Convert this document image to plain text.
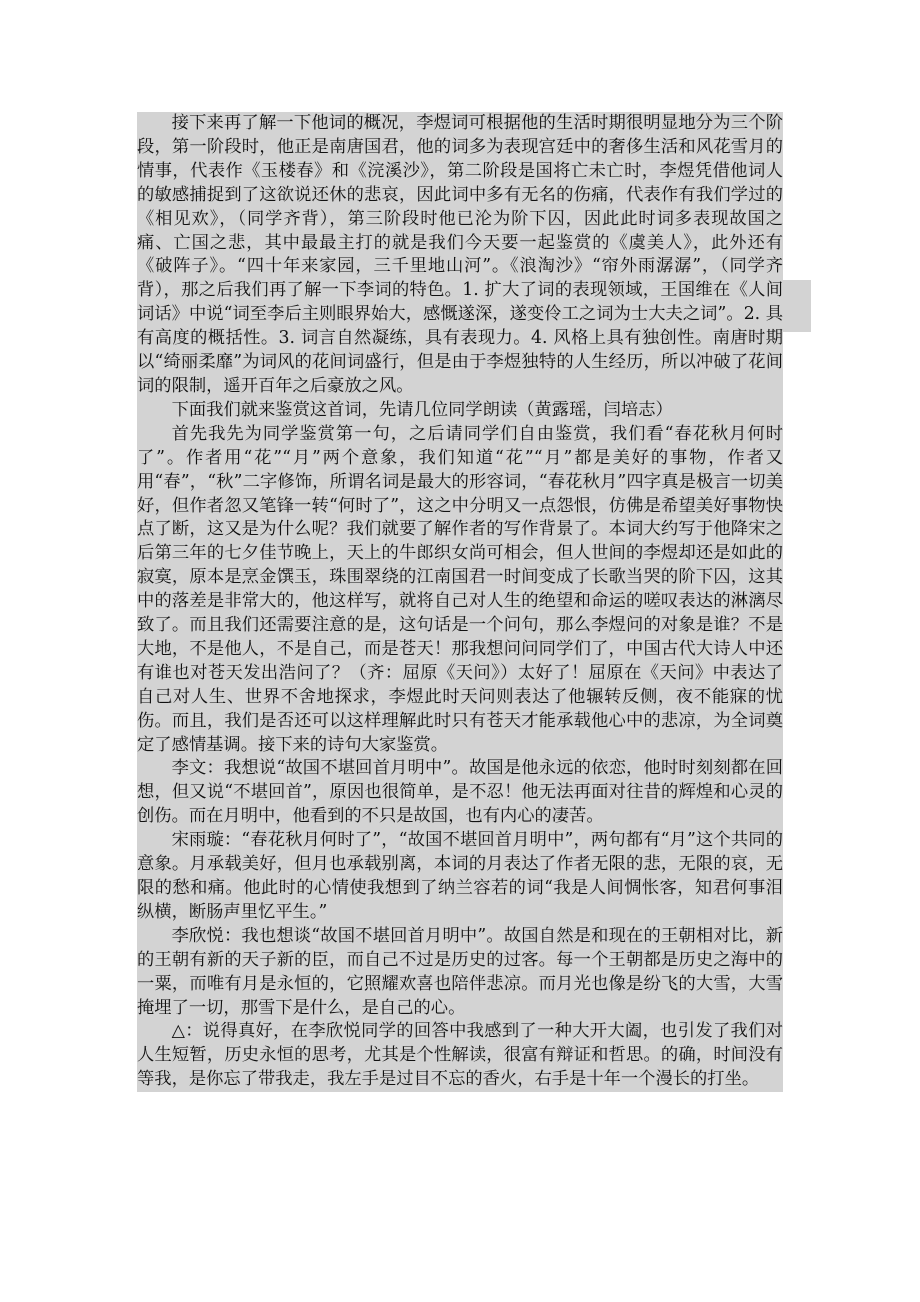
接下来再了解一下他词的概况，李煜词可根据他的生活时期很明显地分为三个阶段，第一阶段时，他正是南唐国君，他的词多为表现宫廷中的奢侈生活和风花雪月的情事，代表作《玉楼春》和《浣溪沙》，第二阶段是国将亡未亡时，李煜凭借他词人的敏感捕捉到了这欲说还休的悲哀，因此词中多有无名的伤痛，代表作有我们学过的《相见欢》，（同学齐背），第三阶段时他已沦为阶下囚，因此此时词多表现故国之痛、亡国之悲，其中最最主打的就是我们今天要一起鉴赏的《虞美人》，此外还有《破阵子》。“四十年来家园，三千里地山河”。《浪淘沙》“帘外雨潺潺”，（同学齐背），那之后我们再了解一下李词的特色。1. 扩大了词的表现领域，王国维在《人间词话》中说“词至李后主则眼界始大，感慨遂深，遂变伶工之词为士大夫之词”。2. 具有高度的概括性。3. 词言自然凝练，具有表现力。4. 风格上具有独创性。南唐时期以“绮丽柔靡”为词风的花间词盛行，但是由于李煜独特的人生经历，所以冲破了花间词的限制，遥开百年之后豪放之风。

下面我们就来鉴赏这首词，先请几位同学朗读（黄露瑶，闫培志）

首先我先为同学鉴赏第一句，之后请同学们自由鉴赏，我们看“春花秋月何时了”。作者用“花”“月”两个意象，我们知道“花”“月”都是美好的事物，作者又用“春”，“秋”二字修饰，所谓名词是最大的形容词，“春花秋月”四字真是极言一切美好，但作者忽又笔锋一转“何时了”，这之中分明又一点怨恨，仿佛是希望美好事物快点了断，这又是为什么呢？我们就要了解作者的写作背景了。本词大约写于他降宋之后第三年的七夕佳节晚上，天上的牛郎织女尚可相会，但人世间的李煜却还是如此的寂寞，原本是烹金馔玉，珠围翠绕的江南国君一时间变成了长歌当哭的阶下囚，这其中的落差是非常大的，他这样写，就将自己对人生的绝望和命运的嗟叹表达的淋漓尽致了。而且我们还需要注意的是，这句话是一个问句，那么李煜问的对象是谁？不是大地，不是他人，不是自己，而是苍天！那我想问问同学们了，中国古代大诗人中还有谁也对苍天发出浩问了？（齐：屈原《天问》）太好了！屈原在《天问》中表达了自己对人生、世界不舍地探求，李煜此时天问则表达了他辗转反侧，夜不能寐的忧伤。而且，我们是否还可以这样理解此时只有苍天才能承载他心中的悲凉，为全词奠定了感情基调。接下来的诗句大家鉴赏。

李文：我想说“故国不堪回首月明中”。故国是他永远的依恋，他时时刻刻都在回想，但又说“不堪回首”，原因也很简单，是不忍！他无法再面对往昔的辉煌和心灵的创伤。而在月明中，他看到的不只是故国，也有内心的凄苦。

宋雨璇：“春花秋月何时了”，“故国不堪回首月明中”，两句都有“月”这个共同的意象。月承载美好，但月也承载别离，本词的月表达了作者无限的悲，无限的哀，无限的愁和痛。他此时的心情使我想到了纳兰容若的词“我是人间惆怅客，知君何事泪纵横，断肠声里忆平生。”

李欣悦：我也想谈“故国不堪回首月明中”。故国自然是和现在的王朝相对比，新的王朝有新的天子新的臣，而自己不过是历史的过客。每一个王朝都是历史之海中的一粟，而唯有月是永恒的，它照耀欢喜也陪伴悲凉。而月光也像是纷飞的大雪，大雪掩埋了一切，那雪下是什么，是自己的心。

△：说得真好，在李欣悦同学的回答中我感到了一种大开大阖，也引发了我们对人生短暂，历史永恒的思考，尤其是个性解读，很富有辩证和哲思。的确，时间没有等我，是你忘了带我走，我左手是过目不忘的香火，右手是十年一个漫长的打坐。
